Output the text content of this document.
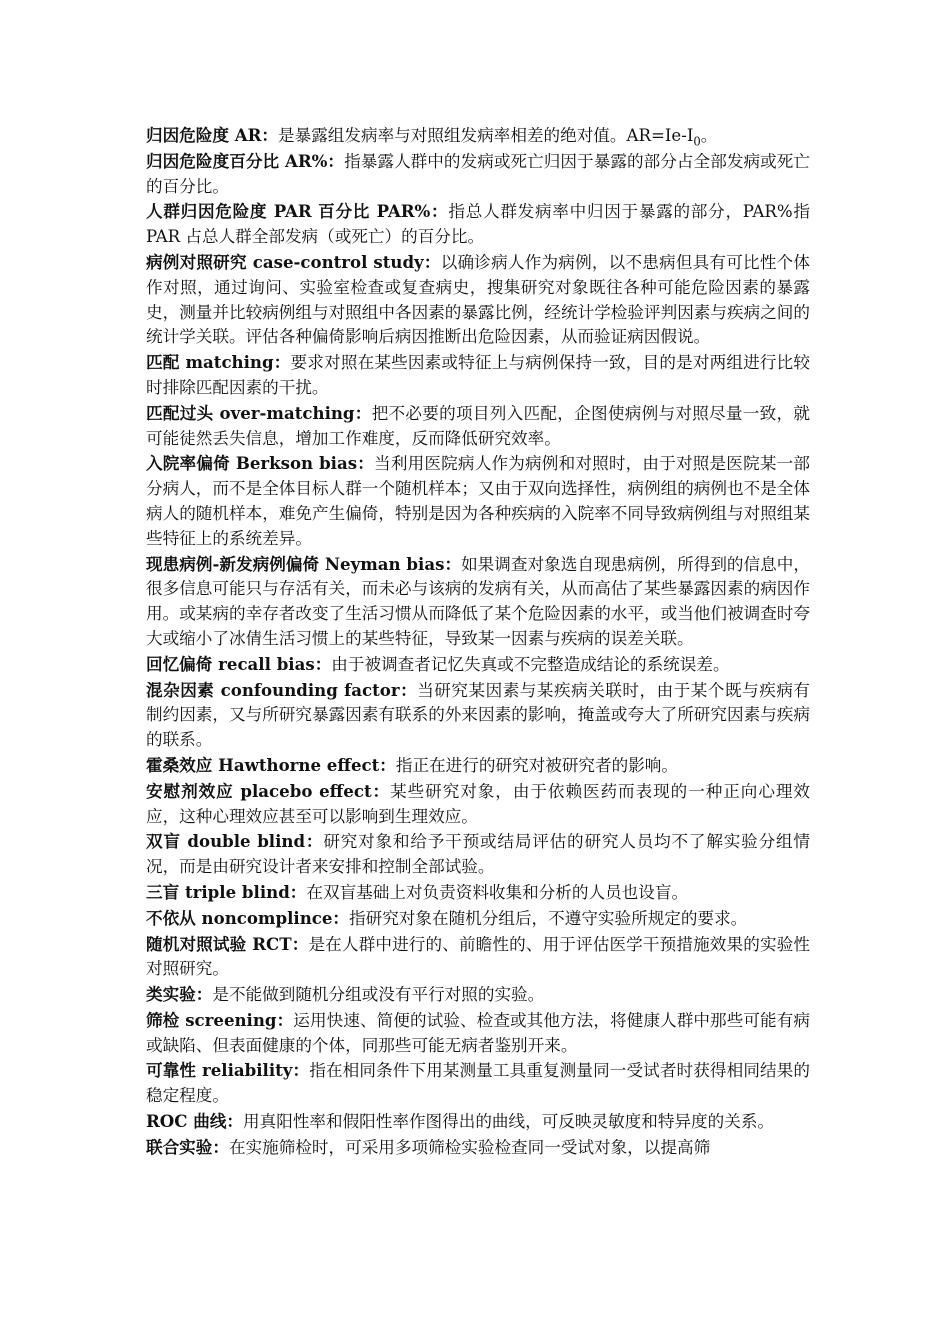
归因危险度 AR：是暴露组发病率与对照组发病率相差的绝对值。$AR=Ie-I_0$。

归因危险度百分比 AR%：指暴露人群中的发病或死亡归因于暴露的部分占全部发病或死亡的百分比。

人群归因危险度 PAR 百分比 PAR%：指总人群发病率中归因于暴露的部分，PAR%指 PAR 占总人群全部发病（或死亡）的百分比。

病例对照研究 case-control study：以确诊病人作为病例，以不患病但具有可比性个体作对照，通过询问、实验室检查或复查病史，搜集研究对象既往各种可能危险因素的暴露史，测量并比较病例组与对照组中各因素的暴露比例，经统计学检验评判因素与疾病之间的统计学关联。评估各种偏倚影响后病因推断出危险因素，从而验证病因假说。

匹配 matching：要求对照在某些因素或特征上与病例保持一致，目的是对两组进行比较时排除匹配因素的干扰。

匹配过头 over-matching：把不必要的项目列入匹配，企图使病例与对照尽量一致，就可能徒然丢失信息，增加工作难度，反而降低研究效率。

入院率偏倚 Berkson bias：当利用医院病人作为病例和对照时，由于对照是医院某一部分病人，而不是全体目标人群一个随机样本；又由于双向选择性，病例组的病例也不是全体病人的随机样本，难免产生偏倚，特别是因为各种疾病的入院率不同导致病例组与对照组某些特征上的系统差异。

现患病例-新发病例偏倚 Neyman bias：如果调查对象选自现患病例，所得到的信息中，很多信息可能只与存活有关，而未必与该病的发病有关，从而高估了某些暴露因素的病因作用。或某病的幸存者改变了生活习惯从而降低了某个危险因素的水平，或当他们被调查时夸大或缩小了冰倩生活习惯上的某些特征，导致某一因素与疾病的误差关联。

回忆偏倚 recall bias：由于被调查者记忆失真或不完整造成结论的系统误差。

混杂因素 confounding factor：当研究某因素与某疾病关联时，由于某个既与疾病有制约因素，又与所研究暴露因素有联系的外来因素的影响，掩盖或夸大了所研究因素与疾病的联系。

霍桑效应 Hawthorne effect：指正在进行的研究对被研究者的影响。

安慰剂效应 placebo effect：某些研究对象，由于依赖医药而表现的一种正向心理效应，这种心理效应甚至可以影响到生理效应。

双盲 double blind：研究对象和给予干预或结局评估的研究人员均不了解实验分组情况，而是由研究设计者来安排和控制全部试验。

三盲 triple blind：在双盲基础上对负责资料收集和分析的人员也设盲。

不依从 noncomplince：指研究对象在随机分组后，不遵守实验所规定的要求。

随机对照试验 RCT：是在人群中进行的、前瞻性的、用于评估医学干预措施效果的实验性对照研究。

类实验：是不能做到随机分组或没有平行对照的实验。

筛检 screening：运用快速、简便的试验、检查或其他方法，将健康人群中那些可能有病或缺陷、但表面健康的个体，同那些可能无病者鉴别开来。

可靠性 reliability：指在相同条件下用某测量工具重复测量同一受试者时获得相同结果的稳定程度。

ROC 曲线：用真阳性率和假阳性率作图得出的曲线，可反映灵敏度和特异度的关系。

联合实验：在实施筛检时，可采用多项筛检实验检查同一受试对象，以提高筛
